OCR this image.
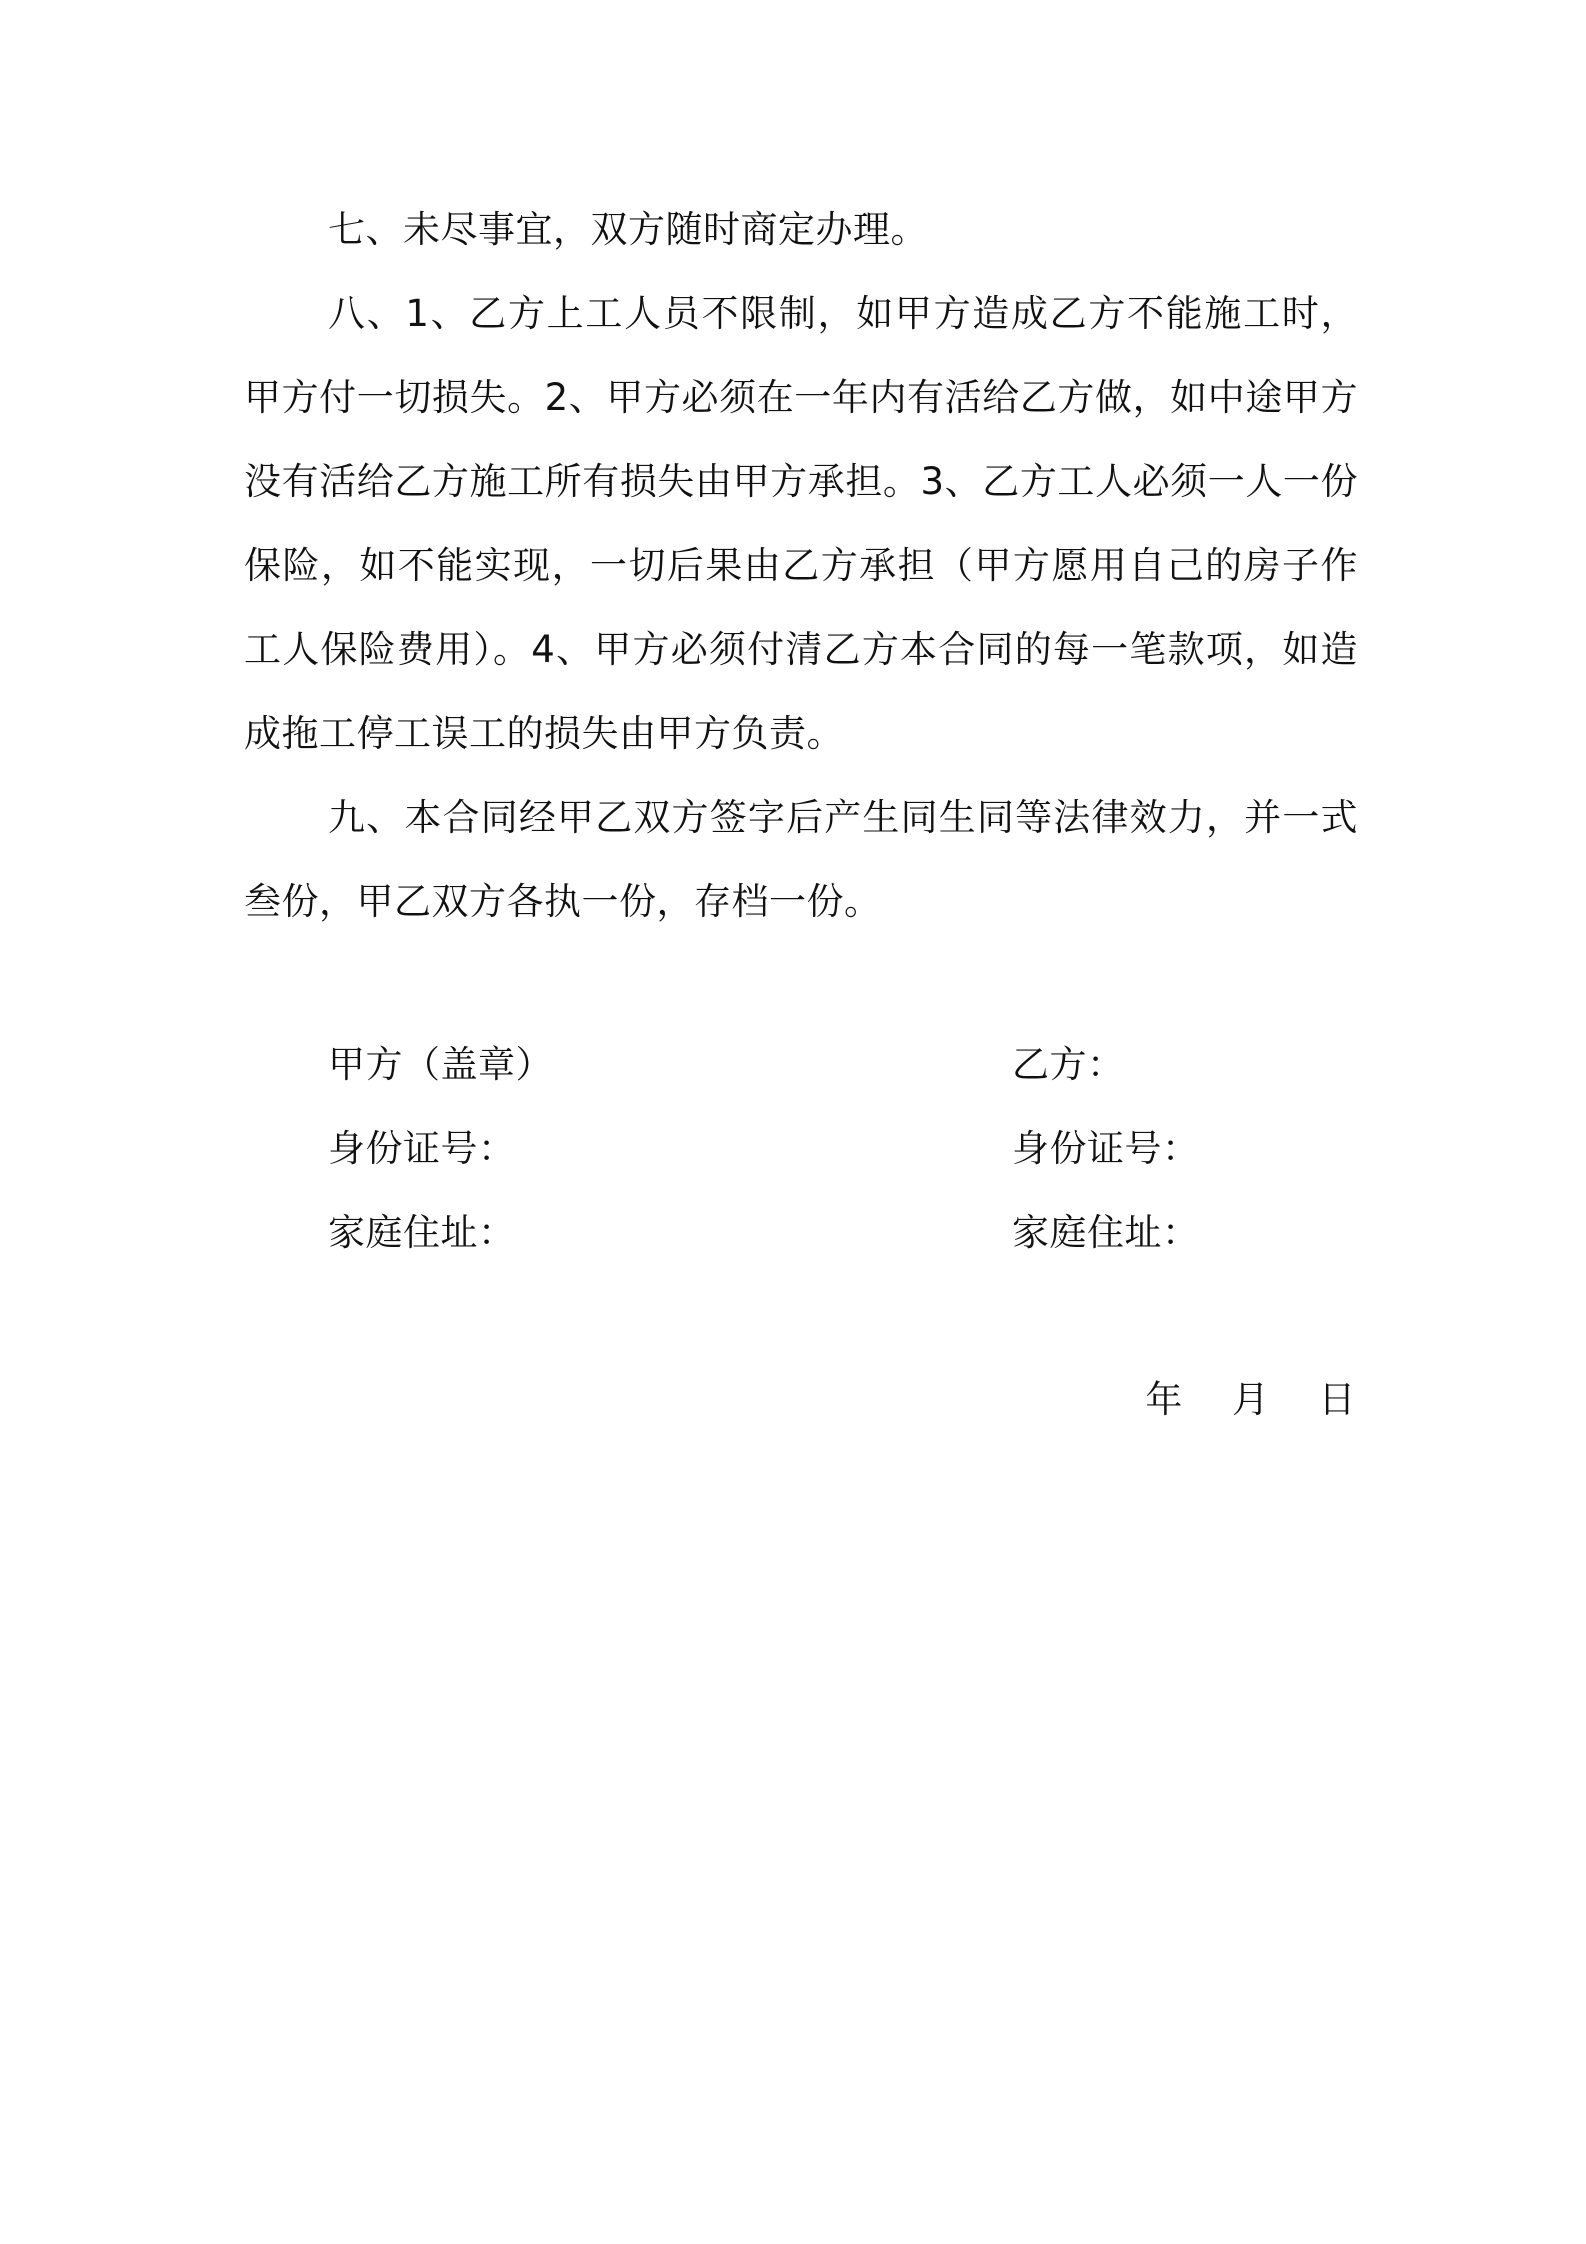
七、未尽事宜，双方随时商定办理。

八、1、乙方上工人员不限制，如甲方造成乙方不能施工时，甲方付一切损失。2、甲方必须在一年内有活给乙方做，如中途甲方没有活给乙方施工所有损失由甲方承担。3、乙方工人必须一人一份保险，如不能实现，一切后果由乙方承担（甲方愿用自己的房子作工人保险费用）。4、甲方必须付清乙方本合同的每一笔款项，如造成拖工停工误工的损失由甲方负责。

九、本合同经甲乙双方签字后产生同生同等法律效力，并一式叁份，甲乙双方各执一份，存档一份。

甲方（盖章）
身份证号：
家庭住址：
乙方：
身份证号：
家庭住址：
年    月    日
